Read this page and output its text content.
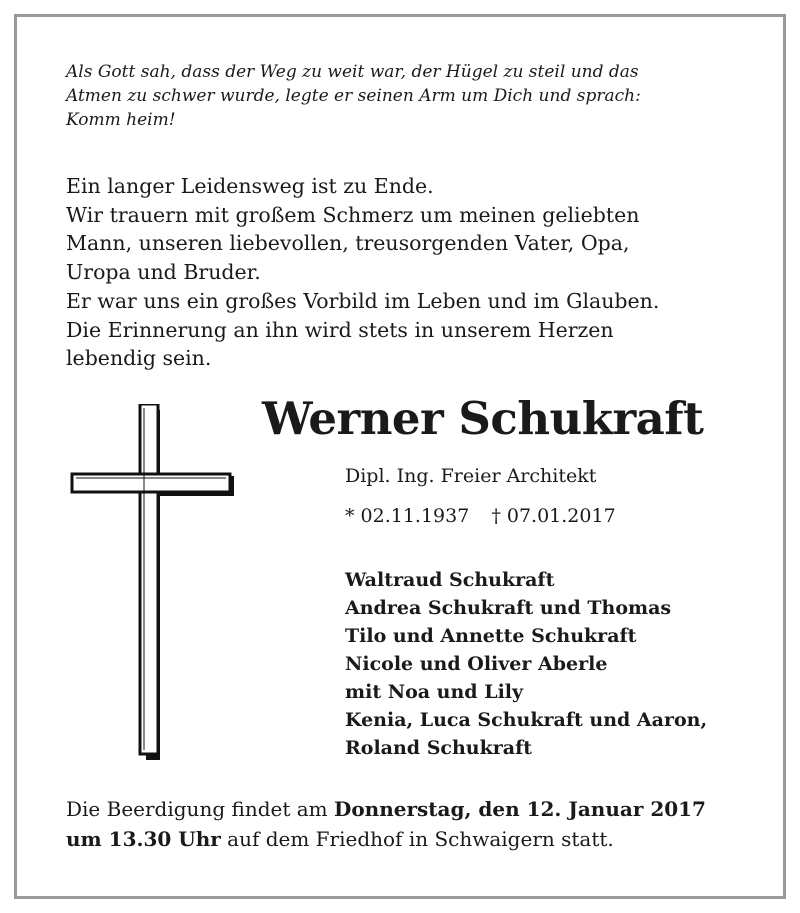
Als Gott sah, dass der Weg zu weit war, der Hügel zu steil und das
Atmen zu schwer wurde, legte er seinen Arm um Dich und sprach:
Komm heim!
Ein langer Leidensweg ist zu Ende.
Wir trauern mit großem Schmerz um meinen geliebten
Mann, unseren liebevollen, treusorgenden Vater, Opa,
Uropa und Bruder.
Er war uns ein großes Vorbild im Leben und im Glauben.
Die Erinnerung an ihn wird stets in unserem Herzen
lebendig sein.
Werner Schukraft
Dipl. Ing. Freier Architekt
* 02.11.1937 † 07.01.2017
Waltraud Schukraft
Andrea Schukraft und Thomas
Tilo und Annette Schukraft
Nicole und Oliver Aberle
mit Noa und Lily
Kenia, Luca Schukraft und Aaron,
Roland Schukraft
Die Beerdigung findet am Donnerstag, den 12. Januar 2017
um 13.30 Uhr auf dem Friedhof in Schwaigern statt.
